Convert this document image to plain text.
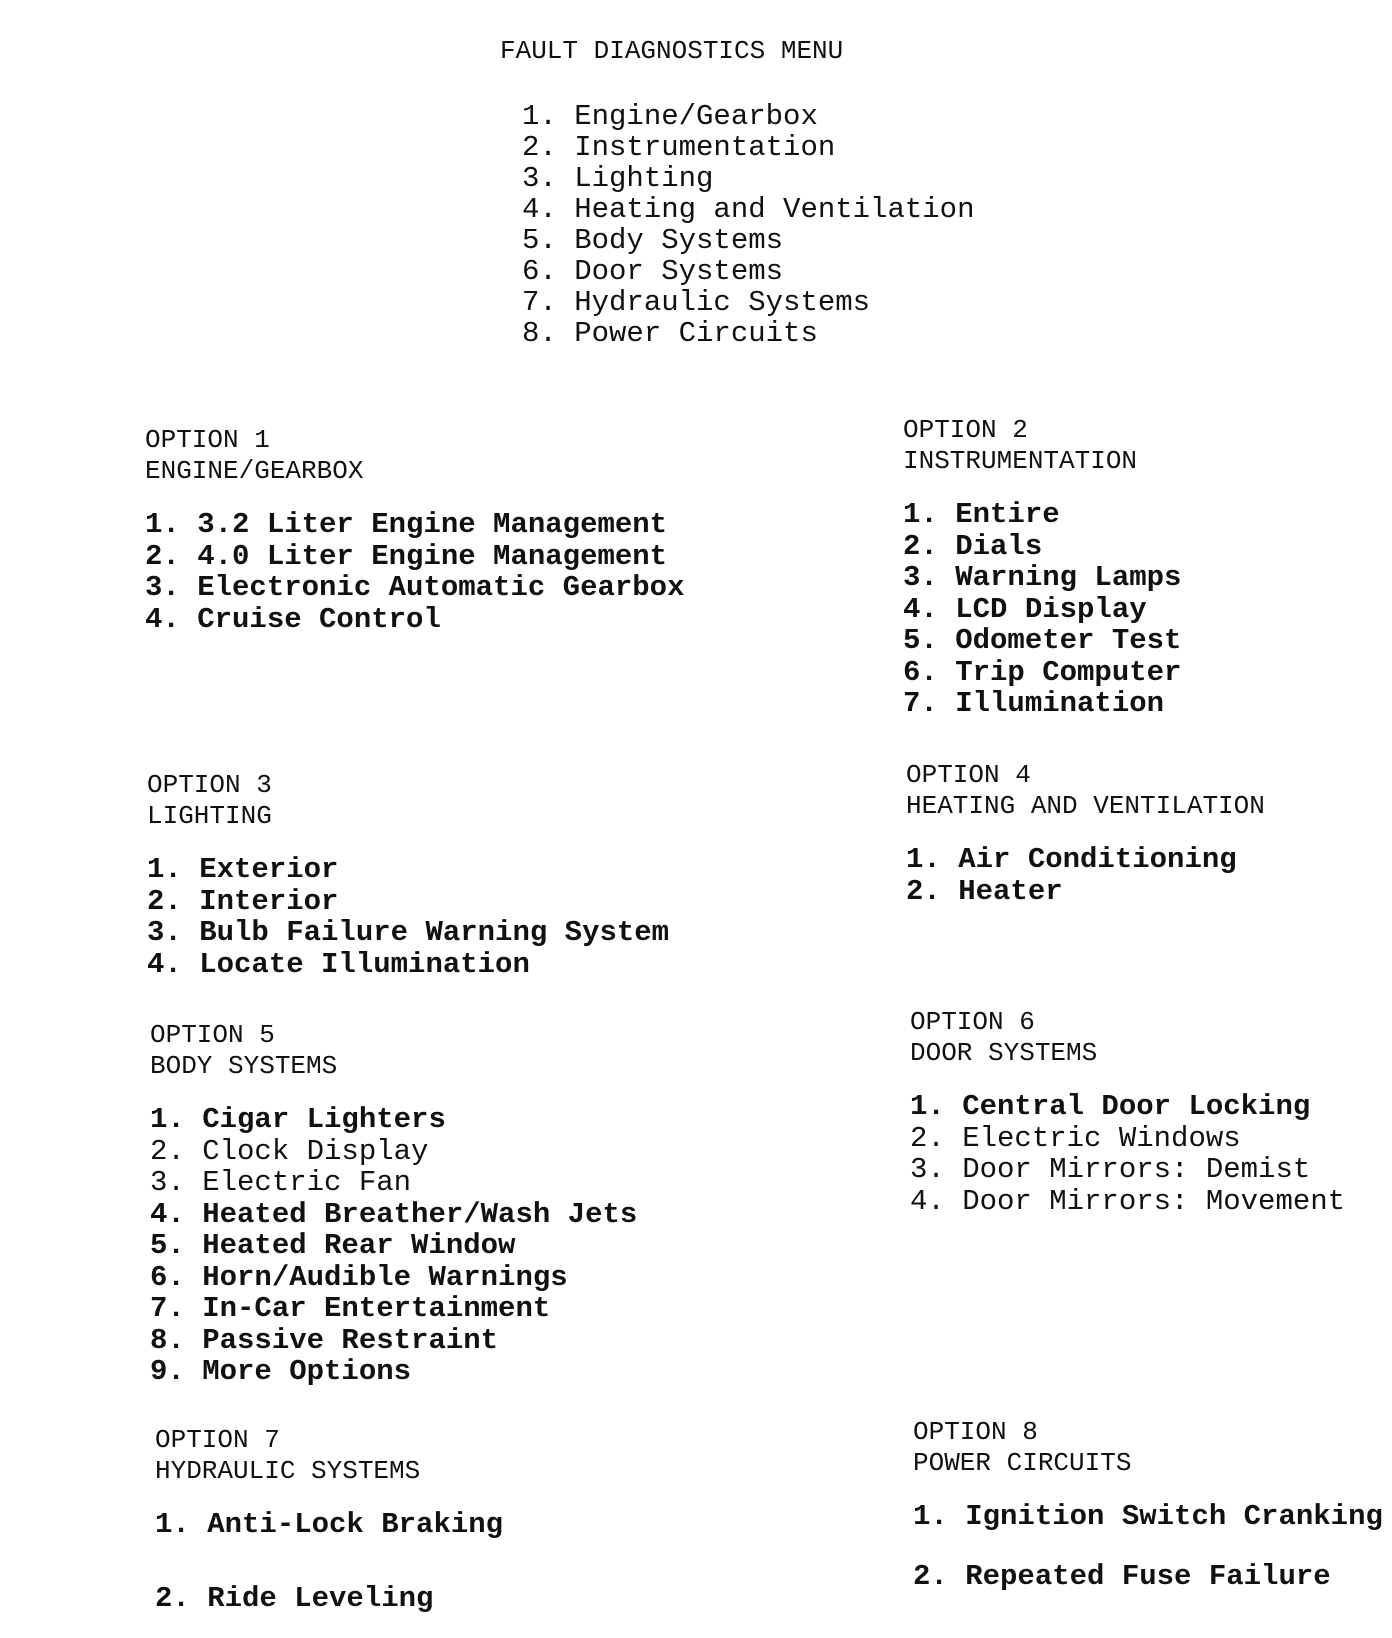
FAULT DIAGNOSTICS MENU
1. Engine/Gearbox
2. Instrumentation
3. Lighting
4. Heating and Ventilation
5. Body Systems
6. Door Systems
7. Hydraulic Systems
8. Power Circuits
OPTION 1
ENGINE/GEARBOX
1. 3.2 Liter Engine Management
2. 4.0 Liter Engine Management
3. Electronic Automatic Gearbox
4. Cruise Control
OPTION 2
INSTRUMENTATION
1. Entire
2. Dials
3. Warning Lamps
4. LCD Display
5. Odometer Test
6. Trip Computer
7. Illumination
OPTION 3
LIGHTING
1. Exterior
2. Interior
3. Bulb Failure Warning System
4. Locate Illumination
OPTION 4
HEATING AND VENTILATION
1. Air Conditioning
2. Heater
OPTION 5
BODY SYSTEMS
1. Cigar Lighters
2. Clock Display
3. Electric Fan
4. Heated Breather/Wash Jets
5. Heated Rear Window
6. Horn/Audible Warnings
7. In-Car Entertainment
8. Passive Restraint
9. More Options
OPTION 6
DOOR SYSTEMS
1. Central Door Locking
2. Electric Windows
3. Door Mirrors: Demist
4. Door Mirrors: Movement
OPTION 7
HYDRAULIC SYSTEMS
1. Anti-Lock Braking
2. Ride Leveling
OPTION 8
POWER CIRCUITS
1. Ignition Switch Cranking
2. Repeated Fuse Failure
